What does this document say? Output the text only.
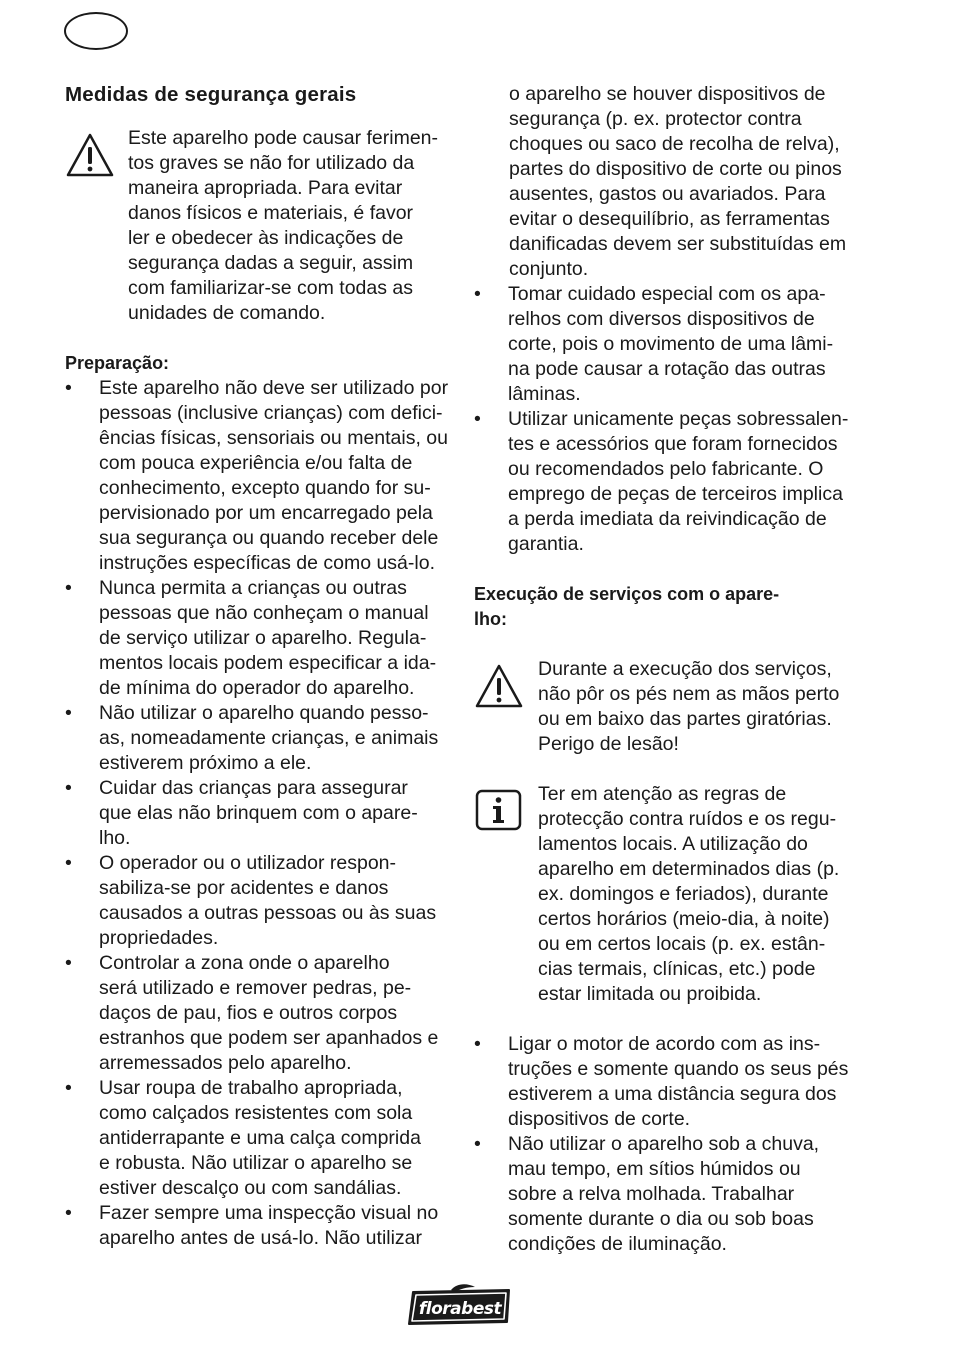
Medidas de segurança gerais
Este aparelho pode causar ferimen-
tos graves se não for utilizado da
maneira apropriada. Para evitar
danos físicos e materiais, é favor
ler e obedecer às indicações de
segurança dadas a seguir, assim
com familiarizar-se com todas as
unidades de comando.
Preparação:
• Este aparelho não deve ser utilizado por
pessoas (inclusive crianças) com defici-
ências físicas, sensoriais ou mentais, ou
com pouca experiência e/ou falta de
conhecimento, excepto quando for su-
pervisionado por um encarregado pela
sua segurança ou quando receber dele
instruções específicas de como usá-lo.
• Nunca permita a crianças ou outras
pessoas que não conheçam o manual
de serviço utilizar o aparelho. Regula-
mentos locais podem especificar a ida-
de mínima do operador do aparelho.
• Não utilizar o aparelho quando pesso-
as, nomeadamente crianças, e animais
estiverem próximo a ele.
• Cuidar das crianças para assegurar
que elas não brinquem com o apare-
lho.
• O operador ou o utilizador respon-
sabiliza-se por acidentes e danos
causados a outras pessoas ou às suas
propriedades.
• Controlar a zona onde o aparelho
será utilizado e remover pedras, pe-
daços de pau, fios e outros corpos
estranhos que podem ser apanhados e
arremessados pelo aparelho.
• Usar roupa de trabalho apropriada,
como calçados resistentes com sola
antiderrapante e uma calça comprida
e robusta. Não utilizar o aparelho se
estiver descalço ou com sandálias.
• Fazer sempre uma inspecção visual no
aparelho antes de usá-lo. Não utilizar
o aparelho se houver dispositivos de
segurança (p. ex. protector contra
choques ou saco de recolha de relva),
partes do dispositivo de corte ou pinos
ausentes, gastos ou avariados. Para
evitar o desequilíbrio, as ferramentas
danificadas devem ser substituídas em
conjunto.
• Tomar cuidado especial com os apa-
relhos com diversos dispositivos de
corte, pois o movimento de uma lâmi-
na pode causar a rotação das outras
lâminas.
• Utilizar unicamente peças sobressalen-
tes e acessórios que foram fornecidos
ou recomendados pelo fabricante. O
emprego de peças de terceiros implica
a perda imediata da reivindicação de
garantia.
Execução de serviços com o apare-
lho:
Durante a execução dos serviços,
não pôr os pés nem as mãos perto
ou em baixo das partes giratórias.
Perigo de lesão!
Ter em atenção as regras de
protecção contra ruídos e os regu-
lamentos locais. A utilização do
aparelho em determinados dias (p.
ex. domingos e feriados), durante
certos horários (meio-dia, à noite)
ou em certos locais (p. ex. estân-
cias termais, clínicas, etc.) pode
estar limitada ou proibida.
• Ligar o motor de acordo com as ins-
truções e somente quando os seus pés
estiverem a uma distância segura dos
dispositivos de corte.
• Não utilizar o aparelho sob a chuva,
mau tempo, em sítios húmidos ou
sobre a relva molhada. Trabalhar
somente durante o dia ou sob boas
condições de iluminação.
florabest
